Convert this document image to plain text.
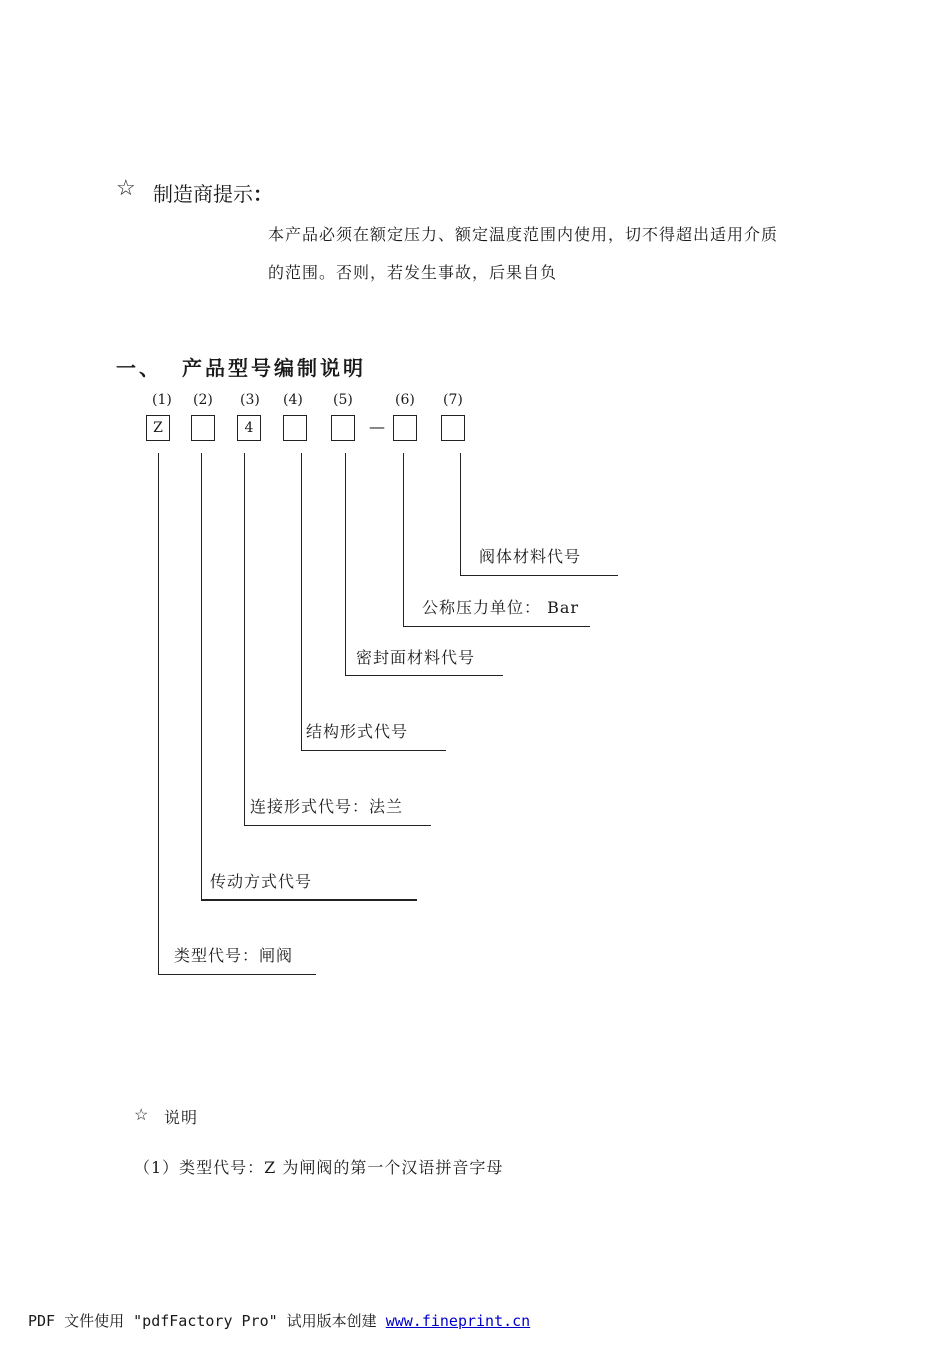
☆ 制造商提示：
本产品必须在额定压力、额定温度范围内使用，切不得超出适用介质
的范围。否则，若发生事故，后果自负
一、 产品型号编制说明
(1) (2) (3) (4) (5)	(6) (7)
Z	4	—
阀体材料代号
公称压力单位： Bar
密封面材料代号
结构形式代号
连接形式代号：法兰
传动方式代号
类型代号：闸阀
☆ 说明
（1）类型代号：Z 为闸阀的第一个汉语拼音字母
PDF 文件使用 "pdfFactory Pro" 试用版本创建 www.fineprint.cn
